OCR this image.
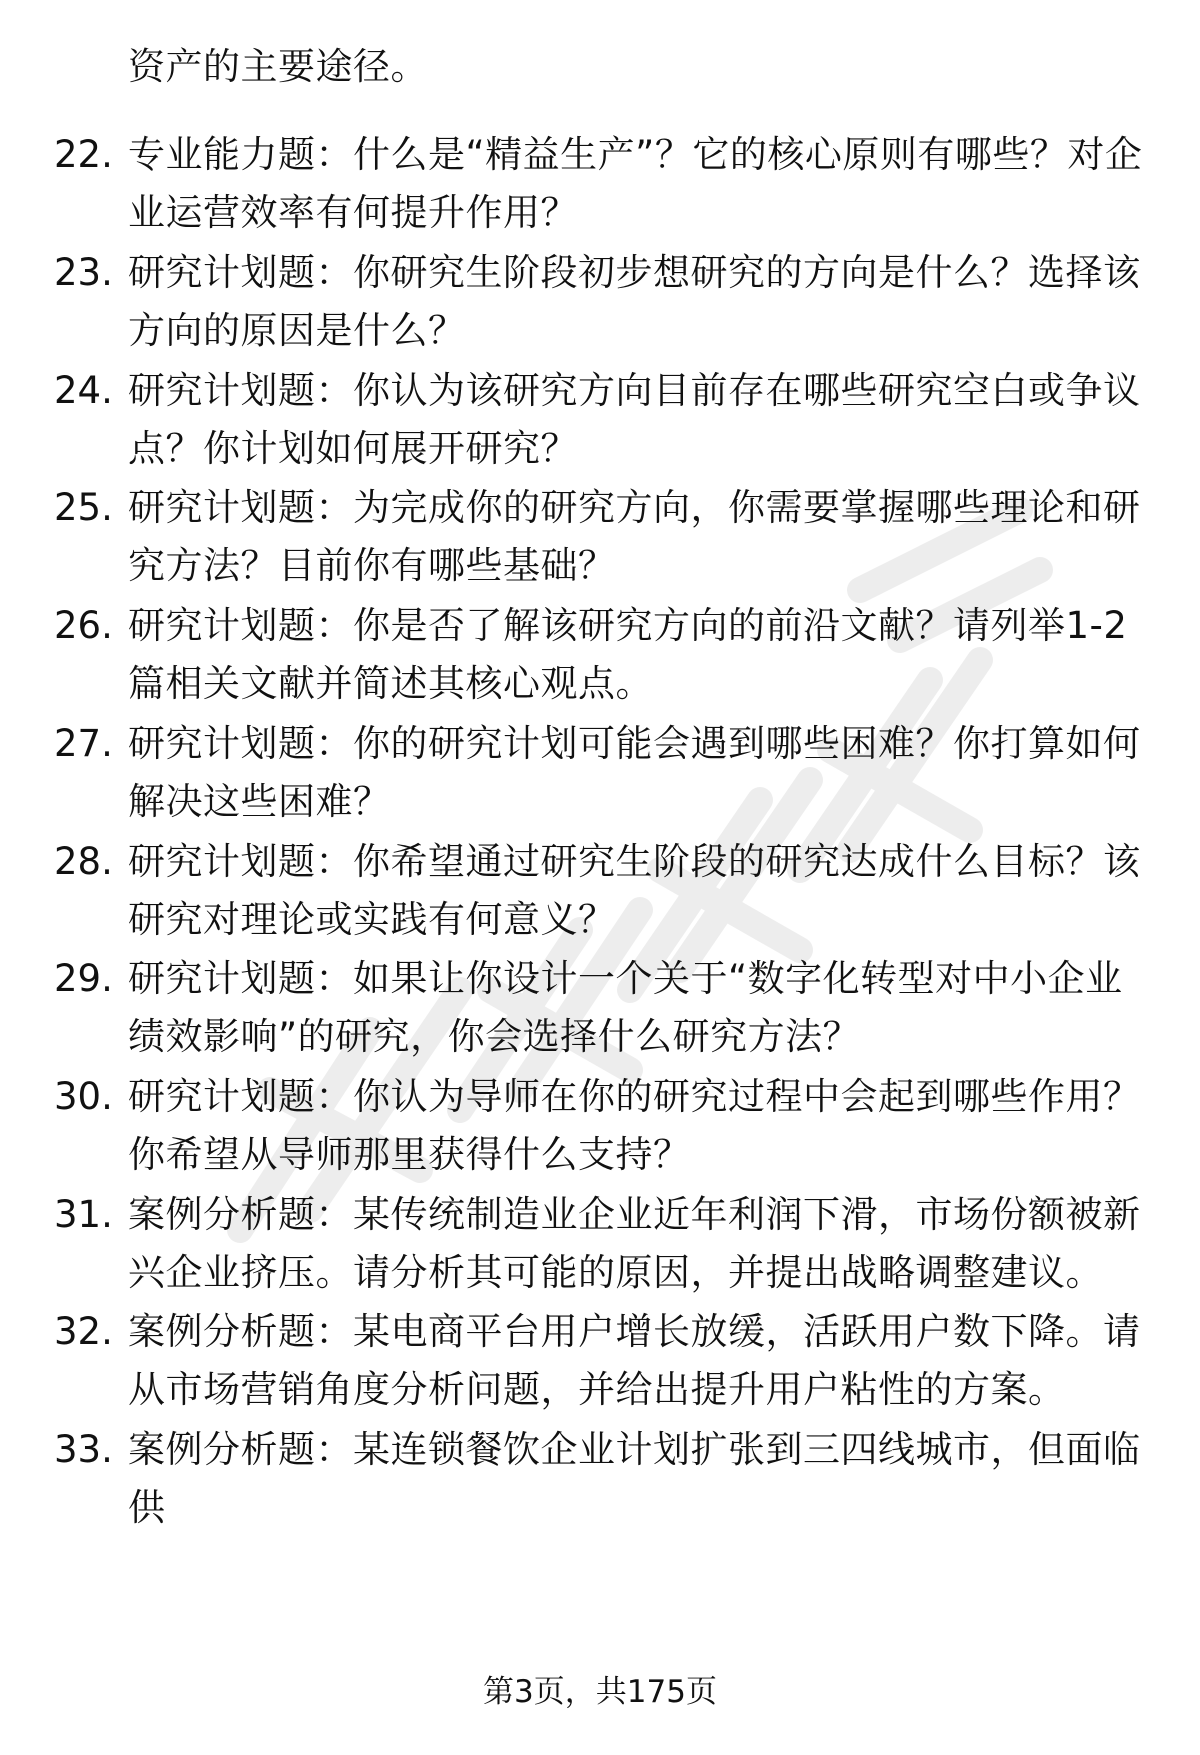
资产的主要途径。
22. 专业能力题：什么是“精益生产”？它的核心原则有哪些？对企业运营效率有何提升作用？
23. 研究计划题：你研究生阶段初步想研究的方向是什么？选择该方向的原因是什么？
24. 研究计划题：你认为该研究方向目前存在哪些研究空白或争议点？你计划如何展开研究？
25. 研究计划题：为完成你的研究方向，你需要掌握哪些理论和研究方法？目前你有哪些基础？
26. 研究计划题：你是否了解该研究方向的前沿文献？请列举1-2篇相关文献并简述其核心观点。
27. 研究计划题：你的研究计划可能会遇到哪些困难？你打算如何解决这些困难？
28. 研究计划题：你希望通过研究生阶段的研究达成什么目标？该研究对理论或实践有何意义？
29. 研究计划题：如果让你设计一个关于“数字化转型对中小企业绩效影响”的研究，你会选择什么研究方法？
30. 研究计划题：你认为导师在你的研究过程中会起到哪些作用？你希望从导师那里获得什么支持？
31. 案例分析题：某传统制造业企业近年利润下滑，市场份额被新兴企业挤压。请分析其可能的原因，并提出战略调整建议。
32. 案例分析题：某电商平台用户增长放缓，活跃用户数下降。请从市场营销角度分析问题，并给出提升用户粘性的方案。
33. 案例分析题：某连锁餐饮企业计划扩张到三四线城市，但面临供
第3页，共175页
